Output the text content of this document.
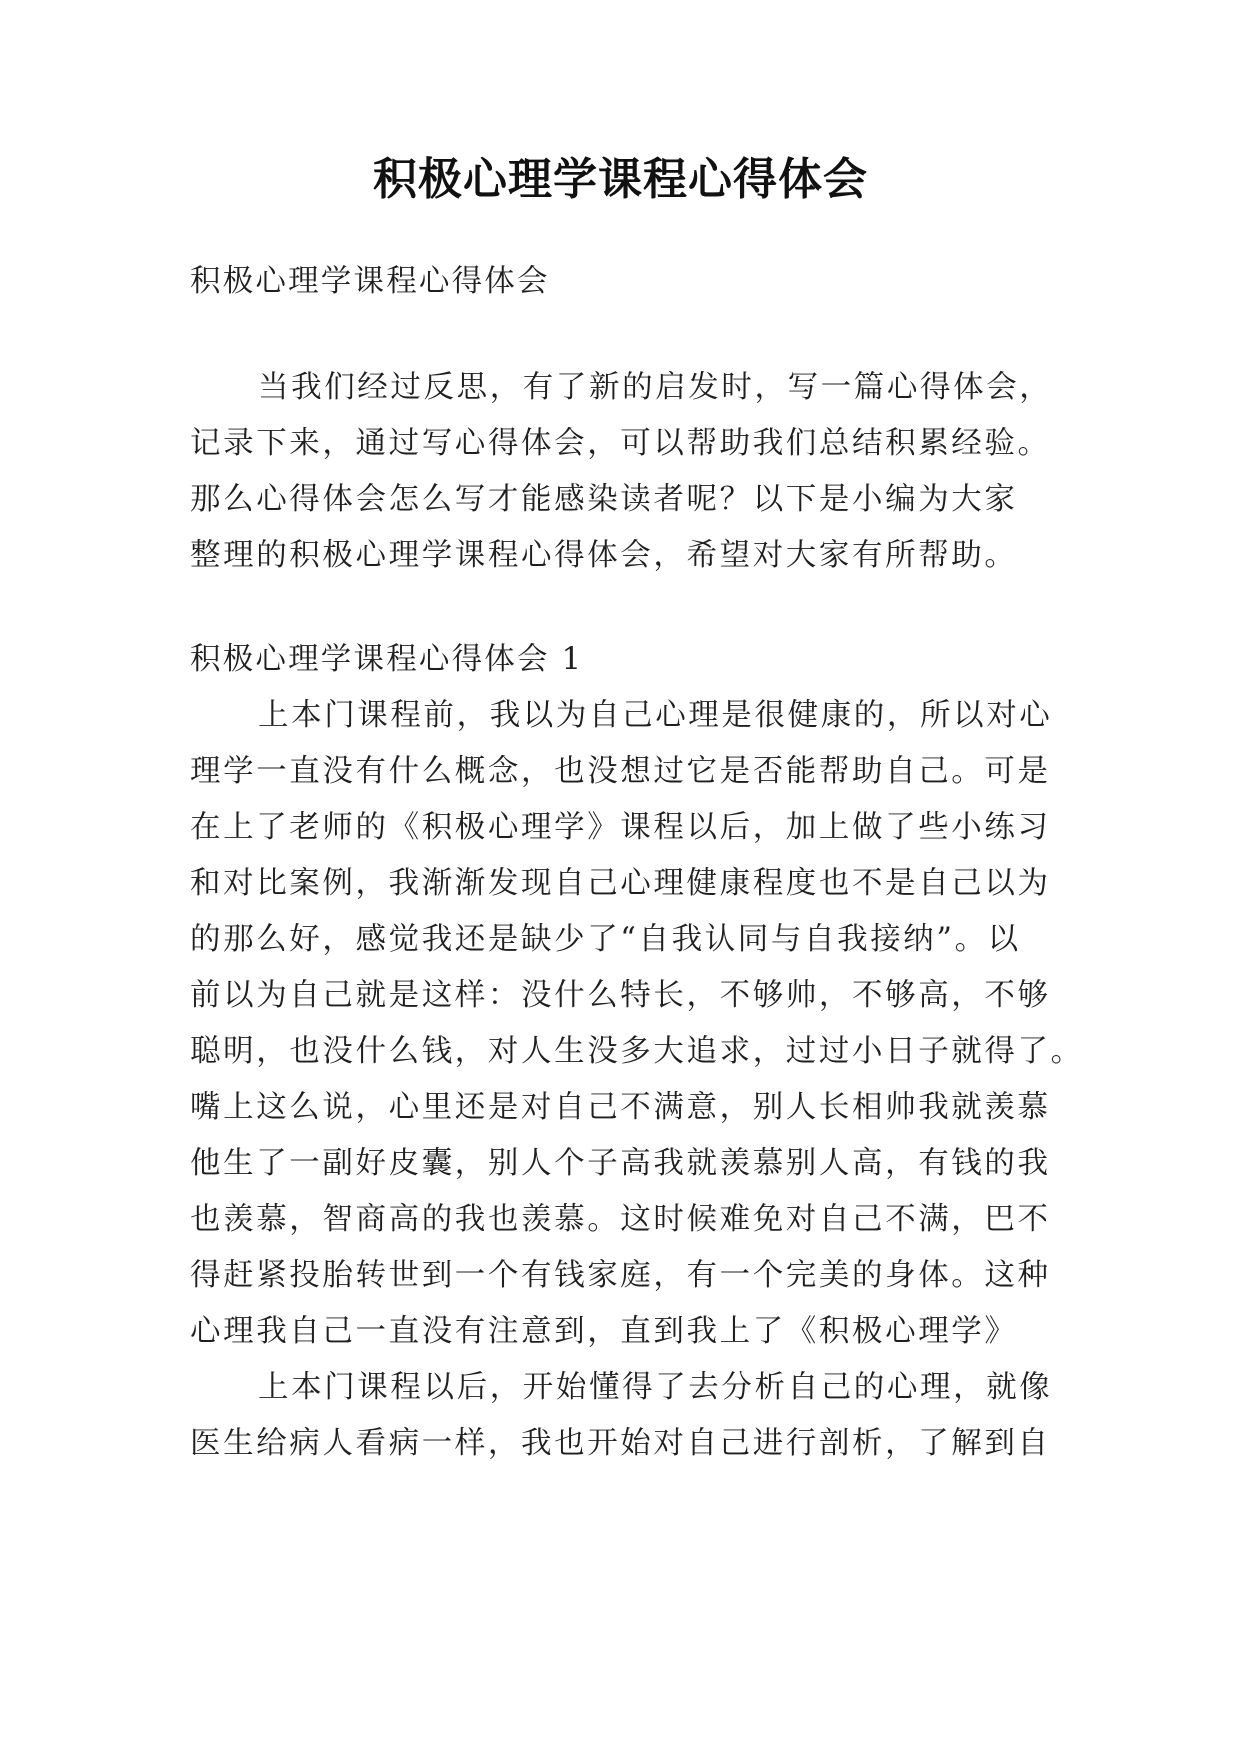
积极心理学课程心得体会
积极心理学课程心得体会
当我们经过反思，有了新的启发时，写一篇心得体会，
记录下来，通过写心得体会，可以帮助我们总结积累经验。
那么心得体会怎么写才能感染读者呢？以下是小编为大家
整理的积极心理学课程心得体会，希望对大家有所帮助。
积极心理学课程心得体会 1
上本门课程前，我以为自己心理是很健康的，所以对心
理学一直没有什么概念，也没想过它是否能帮助自己。可是
在上了老师的《积极心理学》课程以后，加上做了些小练习
和对比案例，我渐渐发现自己心理健康程度也不是自己以为
的那么好，感觉我还是缺少了“自我认同与自我接纳”。以
前以为自己就是这样：没什么特长，不够帅，不够高，不够
聪明，也没什么钱，对人生没多大追求，过过小日子就得了。
嘴上这么说，心里还是对自己不满意，别人长相帅我就羡慕
他生了一副好皮囊，别人个子高我就羡慕别人高，有钱的我
也羡慕，智商高的我也羡慕。这时候难免对自己不满，巴不
得赶紧投胎转世到一个有钱家庭，有一个完美的身体。这种
心理我自己一直没有注意到，直到我上了《积极心理学》
上本门课程以后，开始懂得了去分析自己的心理，就像
医生给病人看病一样，我也开始对自己进行剖析，了解到自
